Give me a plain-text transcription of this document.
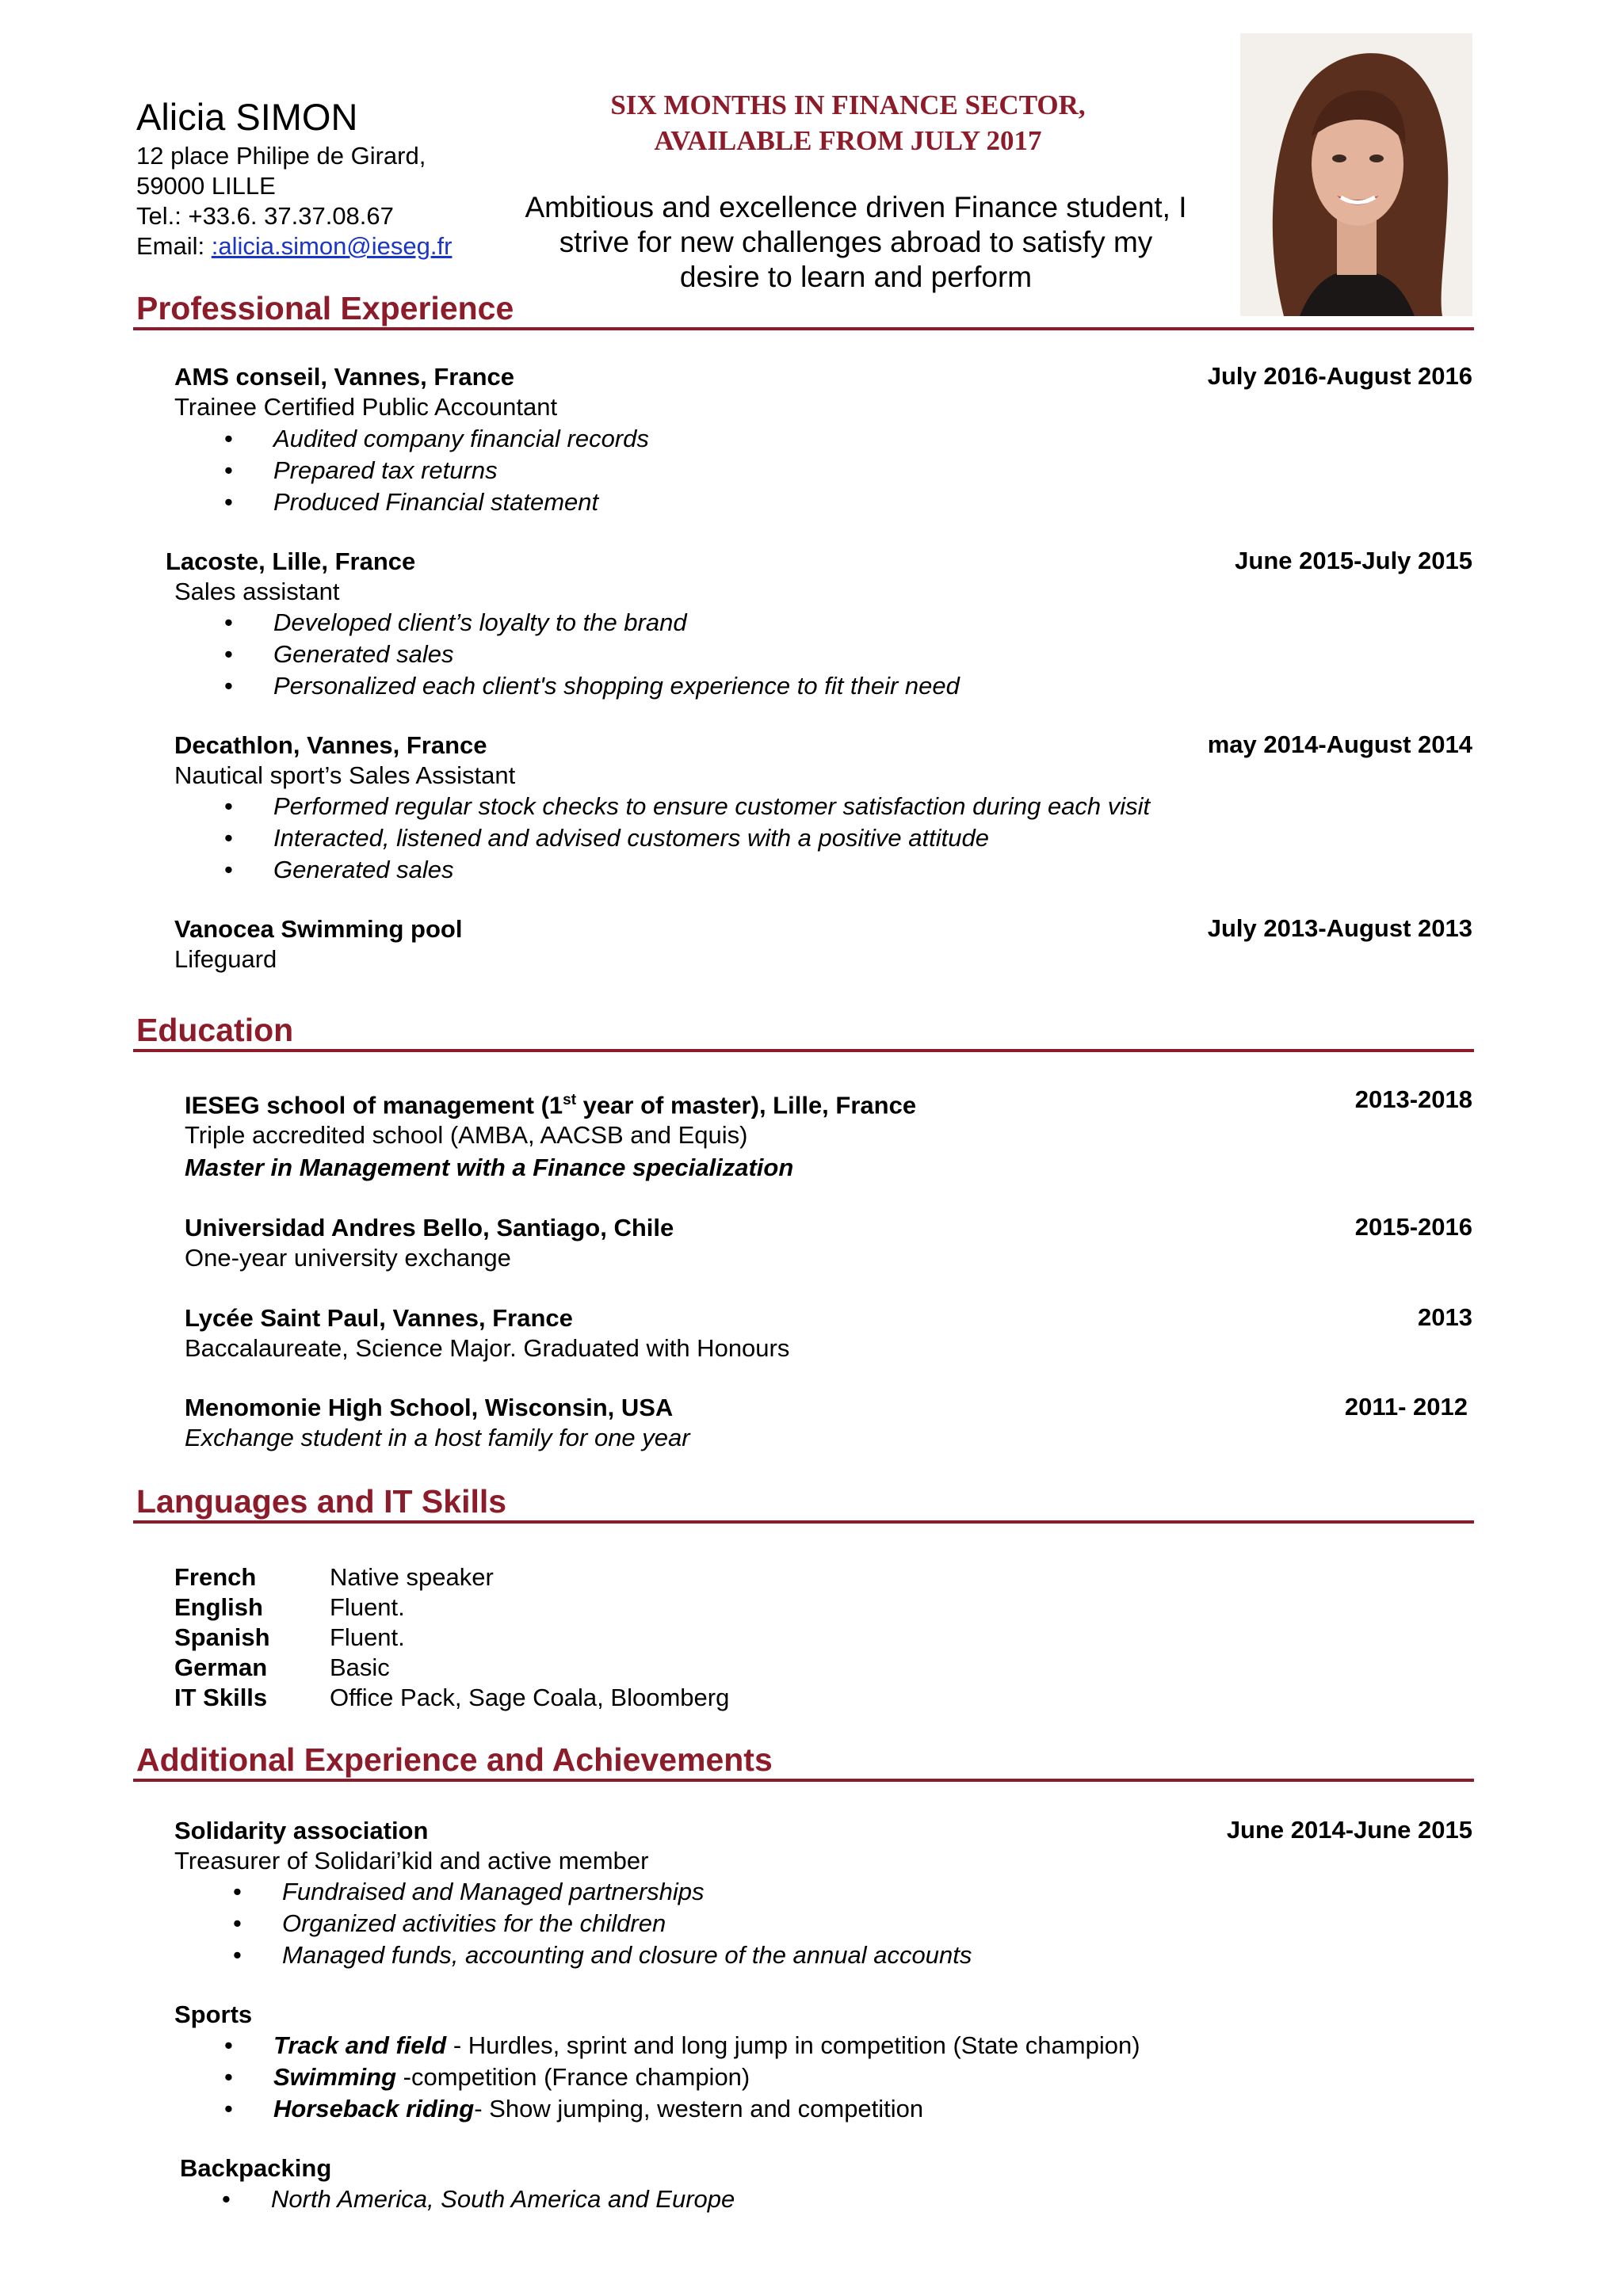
Alicia SIMON
12 place Philipe de Girard,
59000 LILLE
Tel.: +33.6. 37.37.08.67
Email: :alicia.simon@ieseg.fr
SIX MONTHS IN FINANCE SECTOR,
AVAILABLE FROM JULY 2017
Ambitious and excellence driven Finance student, I
strive for new challenges abroad to satisfy my
desire to learn and perform
Professional Experience
AMS conseil, Vannes, France	July 2016-August 2016
Trainee Certified Public Accountant
• Audited company financial records
• Prepared tax returns
• Produced Financial statement
Lacoste, Lille, France	June 2015-July 2015
Sales assistant
• Developed client’s loyalty to the brand
• Generated sales
• Personalized each client's shopping experience to fit their need
Decathlon, Vannes, France	may 2014-August 2014
Nautical sport’s Sales Assistant
• Performed regular stock checks to ensure customer satisfaction during each visit
• Interacted, listened and advised customers with a positive attitude
• Generated sales
Vanocea Swimming pool	July 2013-August 2013
Lifeguard
Education
IESEG school of management (1st year of master), Lille, France	2013-2018
Triple accredited school (AMBA, AACSB and Equis)
Master in Management with a Finance specialization
Universidad Andres Bello, Santiago, Chile	2015-2016
One-year university exchange
Lycée Saint Paul, Vannes, France	2013
Baccalaureate, Science Major. Graduated with Honours
Menomonie High School, Wisconsin, USA	2011- 2012
Exchange student in a host family for one year
Languages and IT Skills
French	Native speaker
English	Fluent.
Spanish Fluent.
German	Basic
IT Skills	Office Pack, Sage Coala, Bloomberg
Additional Experience and Achievements
Solidarity association	June 2014-June 2015
Treasurer of Solidari’kid and active member
• Fundraised and Managed partnerships
• Organized activities for the children
• Managed funds, accounting and closure of the annual accounts
Sports
• Track and field - Hurdles, sprint and long jump in competition (State champion)
• Swimming -competition (France champion)
• Horseback riding- Show jumping, western and competition
Backpacking
• North America, South America and Europe
